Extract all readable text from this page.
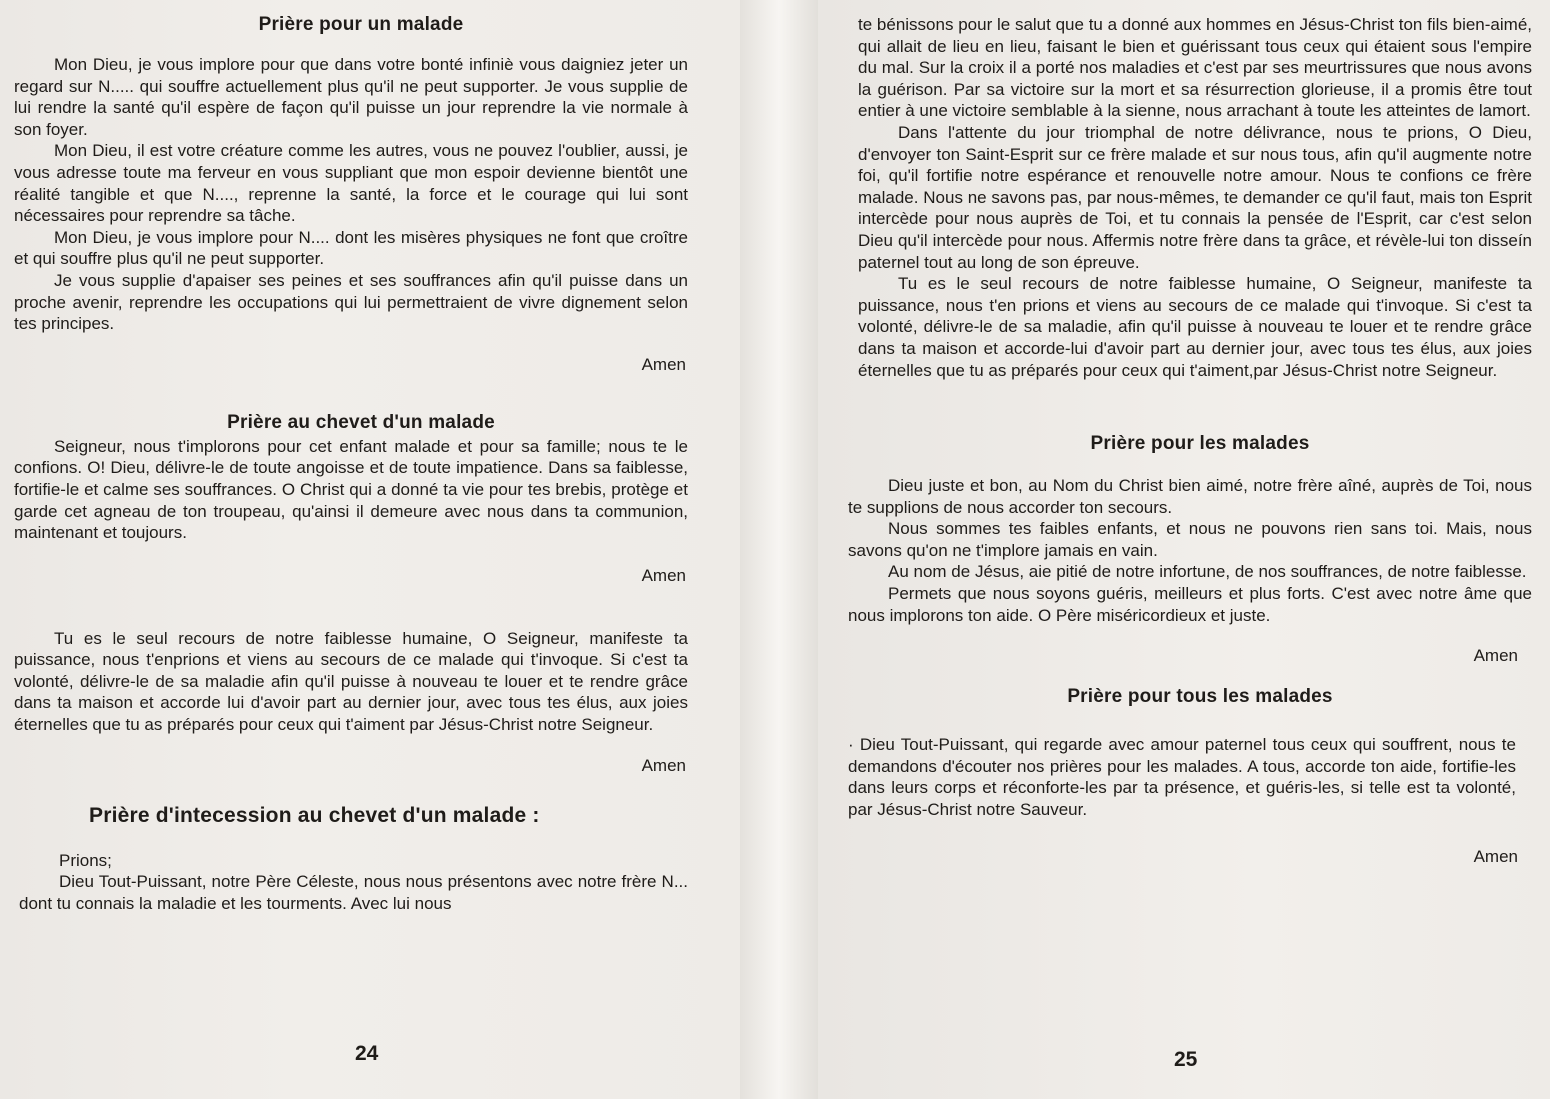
Prière pour un malade

Mon Dieu, je vous implore pour que dans votre bonté infiniè vous daigniez jeter un regard sur N..... qui souffre actuellement plus qu'il ne peut supporter. Je vous supplie de lui rendre la santé qu'il espère de façon qu'il puisse un jour reprendre la vie normale à son foyer.

Mon Dieu, il est votre créature comme les autres, vous ne pouvez l'oublier, aussi, je vous adresse toute ma ferveur en vous suppliant que mon espoir devienne bientôt une réalité tangible et que N...., reprenne la santé, la force et le courage qui lui sont nécessaires pour reprendre sa tâche.

Mon Dieu, je vous implore pour N.... dont les misères physiques ne font que croître et qui souffre plus qu'il ne peut supporter.

Je vous supplie d'apaiser ses peines et ses souffrances afin qu'il puisse dans un proche avenir, reprendre les occupations qui lui permettraient de vivre dignement selon tes principes.

Amen
Prière au chevet d'un malade

Seigneur, nous t'implorons pour cet enfant malade et pour sa famille; nous te le confions. O! Dieu, délivre-le de toute angoisse et de toute impatience. Dans sa faiblesse, fortifie-le et calme ses souffrances. O Christ qui a donné ta vie pour tes brebis, protège et garde cet agneau de ton troupeau, qu'ainsi il demeure avec nous dans ta communion, maintenant et toujours.

Amen

Tu es le seul recours de notre faiblesse humaine, O Seigneur, manifeste ta puissance, nous t'enprions et viens au secours de ce malade qui t'invoque. Si c'est ta volonté, délivre-le de sa maladie afin qu'il puisse à nouveau te louer et te rendre grâce dans ta maison et accorde lui d'avoir part au dernier jour, avec tous tes élus, aux joies éternelles que tu as préparés pour ceux qui t'aiment par Jésus-Christ notre Seigneur.

Amen
Prière d'intecession au chevet d'un malade :

Prions;

Dieu Tout-Puissant, notre Père Céleste, nous nous présentons avec notre frère N... dont tu connais la maladie et les tourments. Avec lui nous

24

te bénissons pour le salut que tu a donné aux hommes en Jésus-Christ ton fils bien-aimé, qui allait de lieu en lieu, faisant le bien et guérissant tous ceux qui étaient sous l'empire du mal. Sur la croix il a porté nos maladies et c'est par ses meurtrissures que nous avons la guérison. Par sa victoire sur la mort et sa résurrection glorieuse, il a promis être tout entier à une victoire semblable à la sienne, nous arrachant à toute les atteintes de lamort.

Dans l'attente du jour triomphal de notre délivrance, nous te prions, O Dieu, d'envoyer ton Saint-Esprit sur ce frère malade et sur nous tous, afin qu'il augmente notre foi, qu'il fortifie notre espérance et renouvelle notre amour. Nous te confions ce frère malade. Nous ne savons pas, par nous-mêmes, te demander ce qu'il faut, mais ton Esprit intercède pour nous auprès de Toi, et tu connais la pensée de l'Esprit, car c'est selon Dieu qu'il intercède pour nous. Affermis notre frère dans ta grâce, et révèle-lui ton disseín paternel tout au long de son épreuve.

Tu es le seul recours de notre faiblesse humaine, O Seigneur, manifeste ta puissance, nous t'en prions et viens au secours de ce malade qui t'invoque. Si c'est ta volonté, délivre-le de sa maladie, afin qu'il puisse à nouveau te louer et te rendre grâce dans ta maison et accorde-lui d'avoir part au dernier jour, avec tous tes élus, aux joies éternelles que tu as préparés pour ceux qui t'aiment,par Jésus-Christ notre Seigneur.

Prière pour les malades

Dieu juste et bon, au Nom du Christ bien aimé, notre frère aîné, auprès de Toi, nous te supplions de nous accorder ton secours.

Nous sommes tes faibles enfants, et nous ne pouvons rien sans toi. Mais, nous savons qu'on ne t'implore jamais en vain.

Au nom de Jésus, aie pitié de notre infortune, de nos souffrances, de notre faiblesse.

Permets que nous soyons guéris, meilleurs et plus forts. C'est avec notre âme que nous implorons ton aide. O Père miséricordieux et juste.

Amen
Prière pour tous les malades

· Dieu Tout-Puissant, qui regarde avec amour paternel tous ceux qui souffrent, nous te demandons d'écouter nos prières pour les malades. A tous, accorde ton aide, fortifie-les dans leurs corps et réconforte-les par ta présence, et guéris-les, si telle est ta volonté, par Jésus-Christ notre Sauveur.

Amen
25
